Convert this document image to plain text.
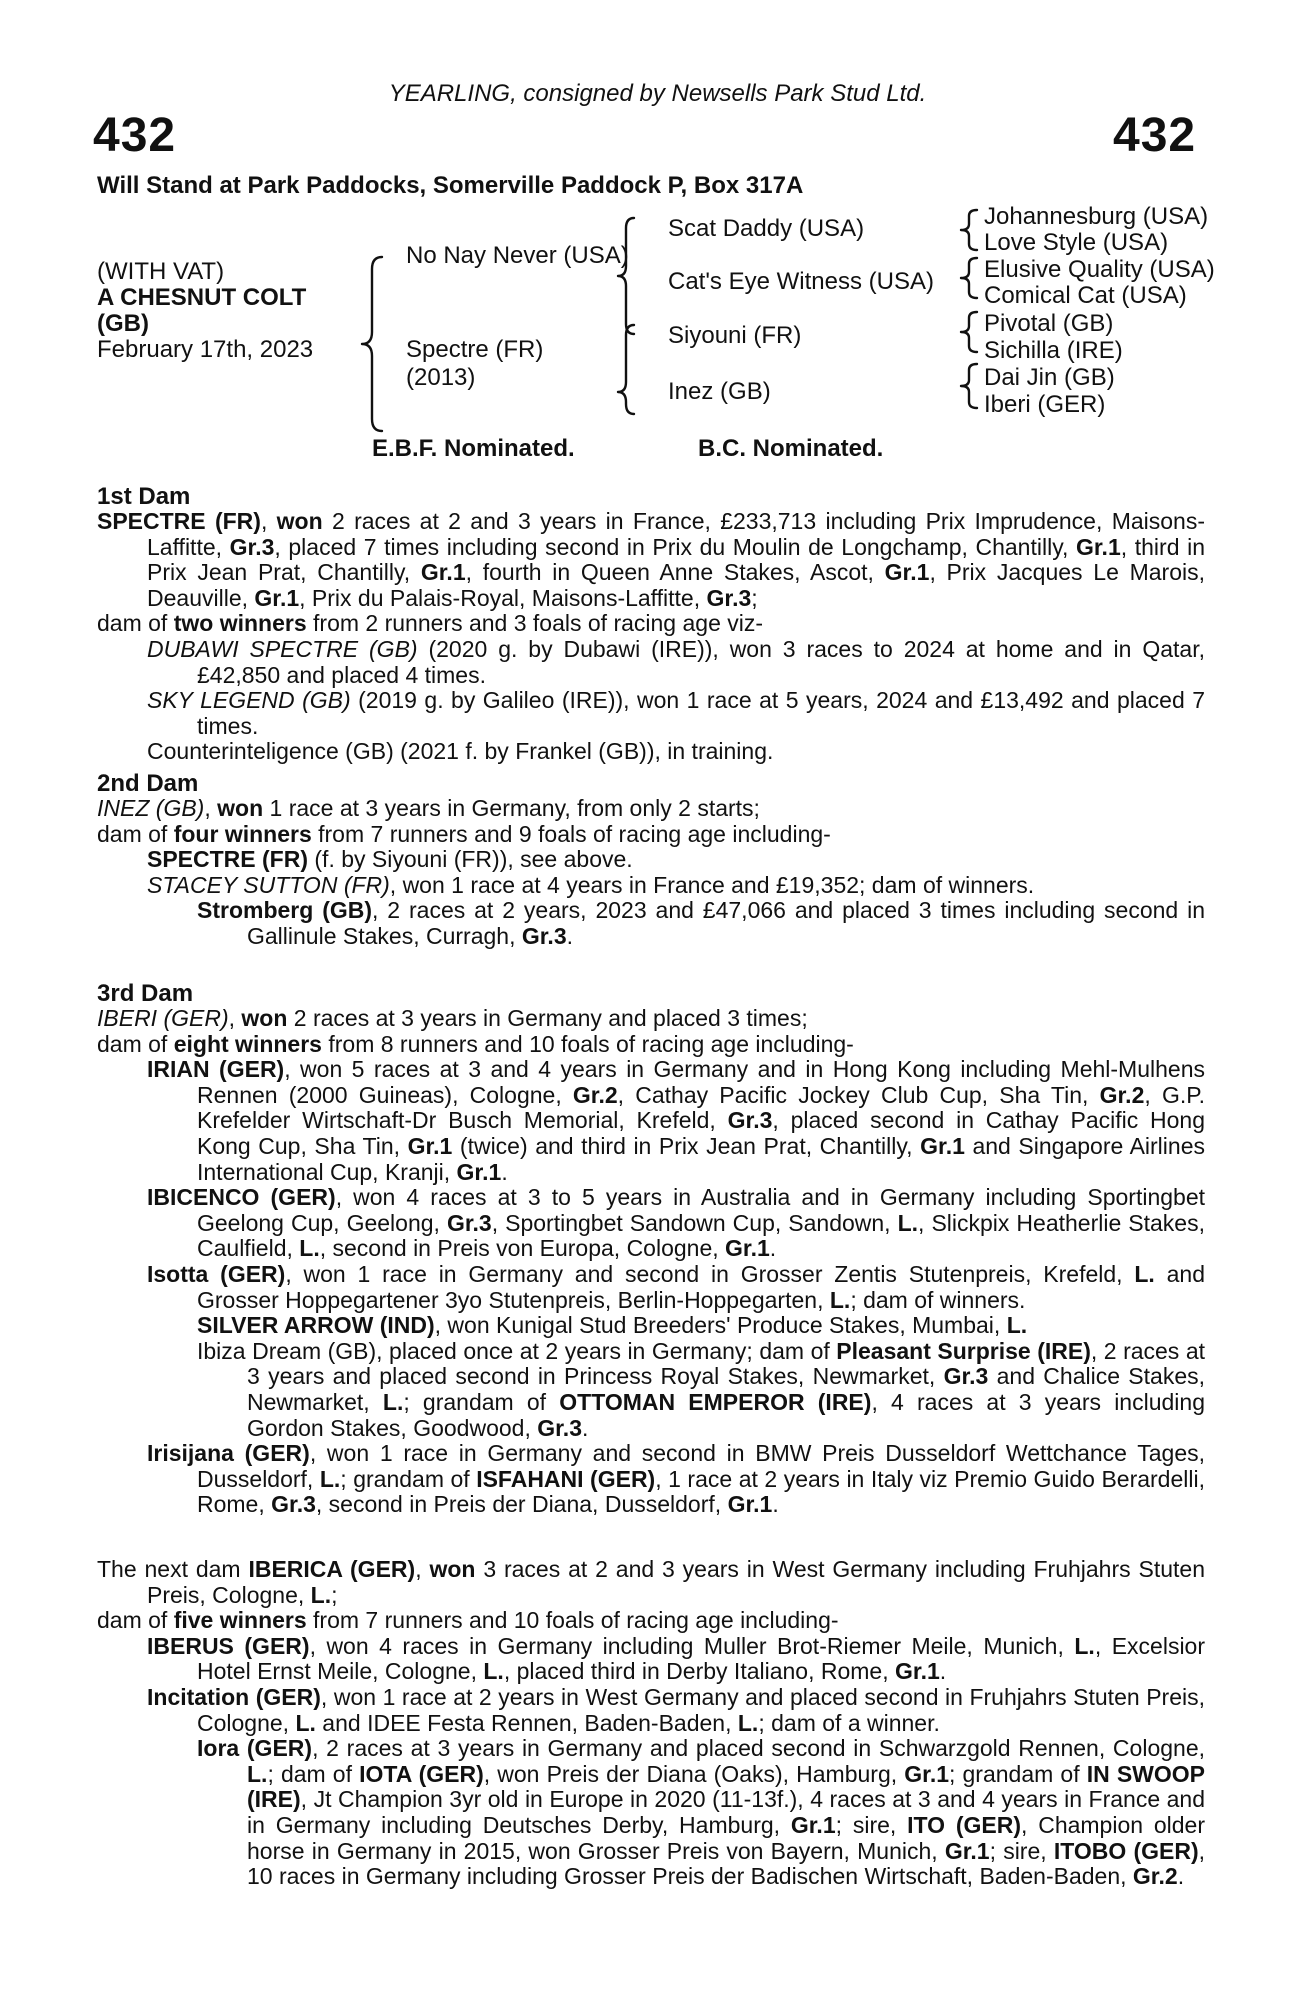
YEARLING, consigned by Newsells Park Stud Ltd.
432	432
Will Stand at Park Paddocks, Somerville Paddock P, Box 317A
(WITH VAT)
A CHESNUT COLT
(GB)
February 17th, 2023
No Nay Never (USA)
Spectre (FR)
(2013)
Scat Daddy (USA)
Cat's Eye Witness (USA)
Siyouni (FR)
Inez (GB)
Johannesburg (USA)
Love Style (USA)
Elusive Quality (USA)
Comical Cat (USA)
Pivotal (GB)
Sichilla (IRE)
Dai Jin (GB)
Iberi (GER)
E.B.F. Nominated.	B.C. Nominated.
1st Dam

SPECTRE (FR), won 2 races at 2 and 3 years in France, £233,713 including Prix Imprudence, Maisons-Laffitte, Gr.3, placed 7 times including second in Prix du Moulin de Longchamp, Chantilly, Gr.1, third in Prix Jean Prat, Chantilly, Gr.1, fourth in Queen Anne Stakes, Ascot, Gr.1, Prix Jacques Le Marois, Deauville, Gr.1, Prix du Palais-Royal, Maisons-Laffitte, Gr.3;

dam of two winners from 2 runners and 3 foals of racing age viz-

DUBAWI SPECTRE (GB) (2020 g. by Dubawi (IRE)), won 3 races to 2024 at home and in Qatar, £42,850 and placed 4 times.

SKY LEGEND (GB) (2019 g. by Galileo (IRE)), won 1 race at 5 years, 2024 and £13,492 and placed 7 times.

Counterinteligence (GB) (2021 f. by Frankel (GB)), in training.

2nd Dam

INEZ (GB), won 1 race at 3 years in Germany, from only 2 starts;

dam of four winners from 7 runners and 9 foals of racing age including-

SPECTRE (FR) (f. by Siyouni (FR)), see above.

STACEY SUTTON (FR), won 1 race at 4 years in France and £19,352; dam of winners.

Stromberg (GB), 2 races at 2 years, 2023 and £47,066 and placed 3 times including second in Gallinule Stakes, Curragh, Gr.3.

3rd Dam

IBERI (GER), won 2 races at 3 years in Germany and placed 3 times;

dam of eight winners from 8 runners and 10 foals of racing age including-

IRIAN (GER), won 5 races at 3 and 4 years in Germany and in Hong Kong including Mehl-Mulhens Rennen (2000 Guineas), Cologne, Gr.2, Cathay Pacific Jockey Club Cup, Sha Tin, Gr.2, G.P. Krefelder Wirtschaft-Dr Busch Memorial, Krefeld, Gr.3, placed second in Cathay Pacific Hong Kong Cup, Sha Tin, Gr.1 (twice) and third in Prix Jean Prat, Chantilly, Gr.1 and Singapore Airlines International Cup, Kranji, Gr.1.

IBICENCO (GER), won 4 races at 3 to 5 years in Australia and in Germany including Sportingbet Geelong Cup, Geelong, Gr.3, Sportingbet Sandown Cup, Sandown, L., Slickpix Heatherlie Stakes, Caulfield, L., second in Preis von Europa, Cologne, Gr.1.

Isotta (GER), won 1 race in Germany and second in Grosser Zentis Stutenpreis, Krefeld, L. and Grosser Hoppegartener 3yo Stutenpreis, Berlin-Hoppegarten, L.; dam of winners.

SILVER ARROW (IND), won Kunigal Stud Breeders' Produce Stakes, Mumbai, L.

Ibiza Dream (GB), placed once at 2 years in Germany; dam of Pleasant Surprise (IRE), 2 races at 3 years and placed second in Princess Royal Stakes, Newmarket, Gr.3 and Chalice Stakes, Newmarket, L.; grandam of OTTOMAN EMPEROR (IRE), 4 races at 3 years including Gordon Stakes, Goodwood, Gr.3.

Irisijana (GER), won 1 race in Germany and second in BMW Preis Dusseldorf Wettchance Tages, Dusseldorf, L.; grandam of ISFAHANI (GER), 1 race at 2 years in Italy viz Premio Guido Berardelli, Rome, Gr.3, second in Preis der Diana, Dusseldorf, Gr.1.

The next dam IBERICA (GER), won 3 races at 2 and 3 years in West Germany including Fruhjahrs Stuten Preis, Cologne, L.;

dam of five winners from 7 runners and 10 foals of racing age including-

IBERUS (GER), won 4 races in Germany including Muller Brot-Riemer Meile, Munich, L., Excelsior Hotel Ernst Meile, Cologne, L., placed third in Derby Italiano, Rome, Gr.1.

Incitation (GER), won 1 race at 2 years in West Germany and placed second in Fruhjahrs Stuten Preis, Cologne, L. and IDEE Festa Rennen, Baden-Baden, L.; dam of a winner.

Iora (GER), 2 races at 3 years in Germany and placed second in Schwarzgold Rennen, Cologne, L.; dam of IOTA (GER), won Preis der Diana (Oaks), Hamburg, Gr.1; grandam of IN SWOOP (IRE), Jt Champion 3yr old in Europe in 2020 (11-13f.), 4 races at 3 and 4 years in France and in Germany including Deutsches Derby, Hamburg, Gr.1; sire, ITO (GER), Champion older horse in Germany in 2015, won Grosser Preis von Bayern, Munich, Gr.1; sire, ITOBO (GER), 10 races in Germany including Grosser Preis der Badischen Wirtschaft, Baden-Baden, Gr.2.
